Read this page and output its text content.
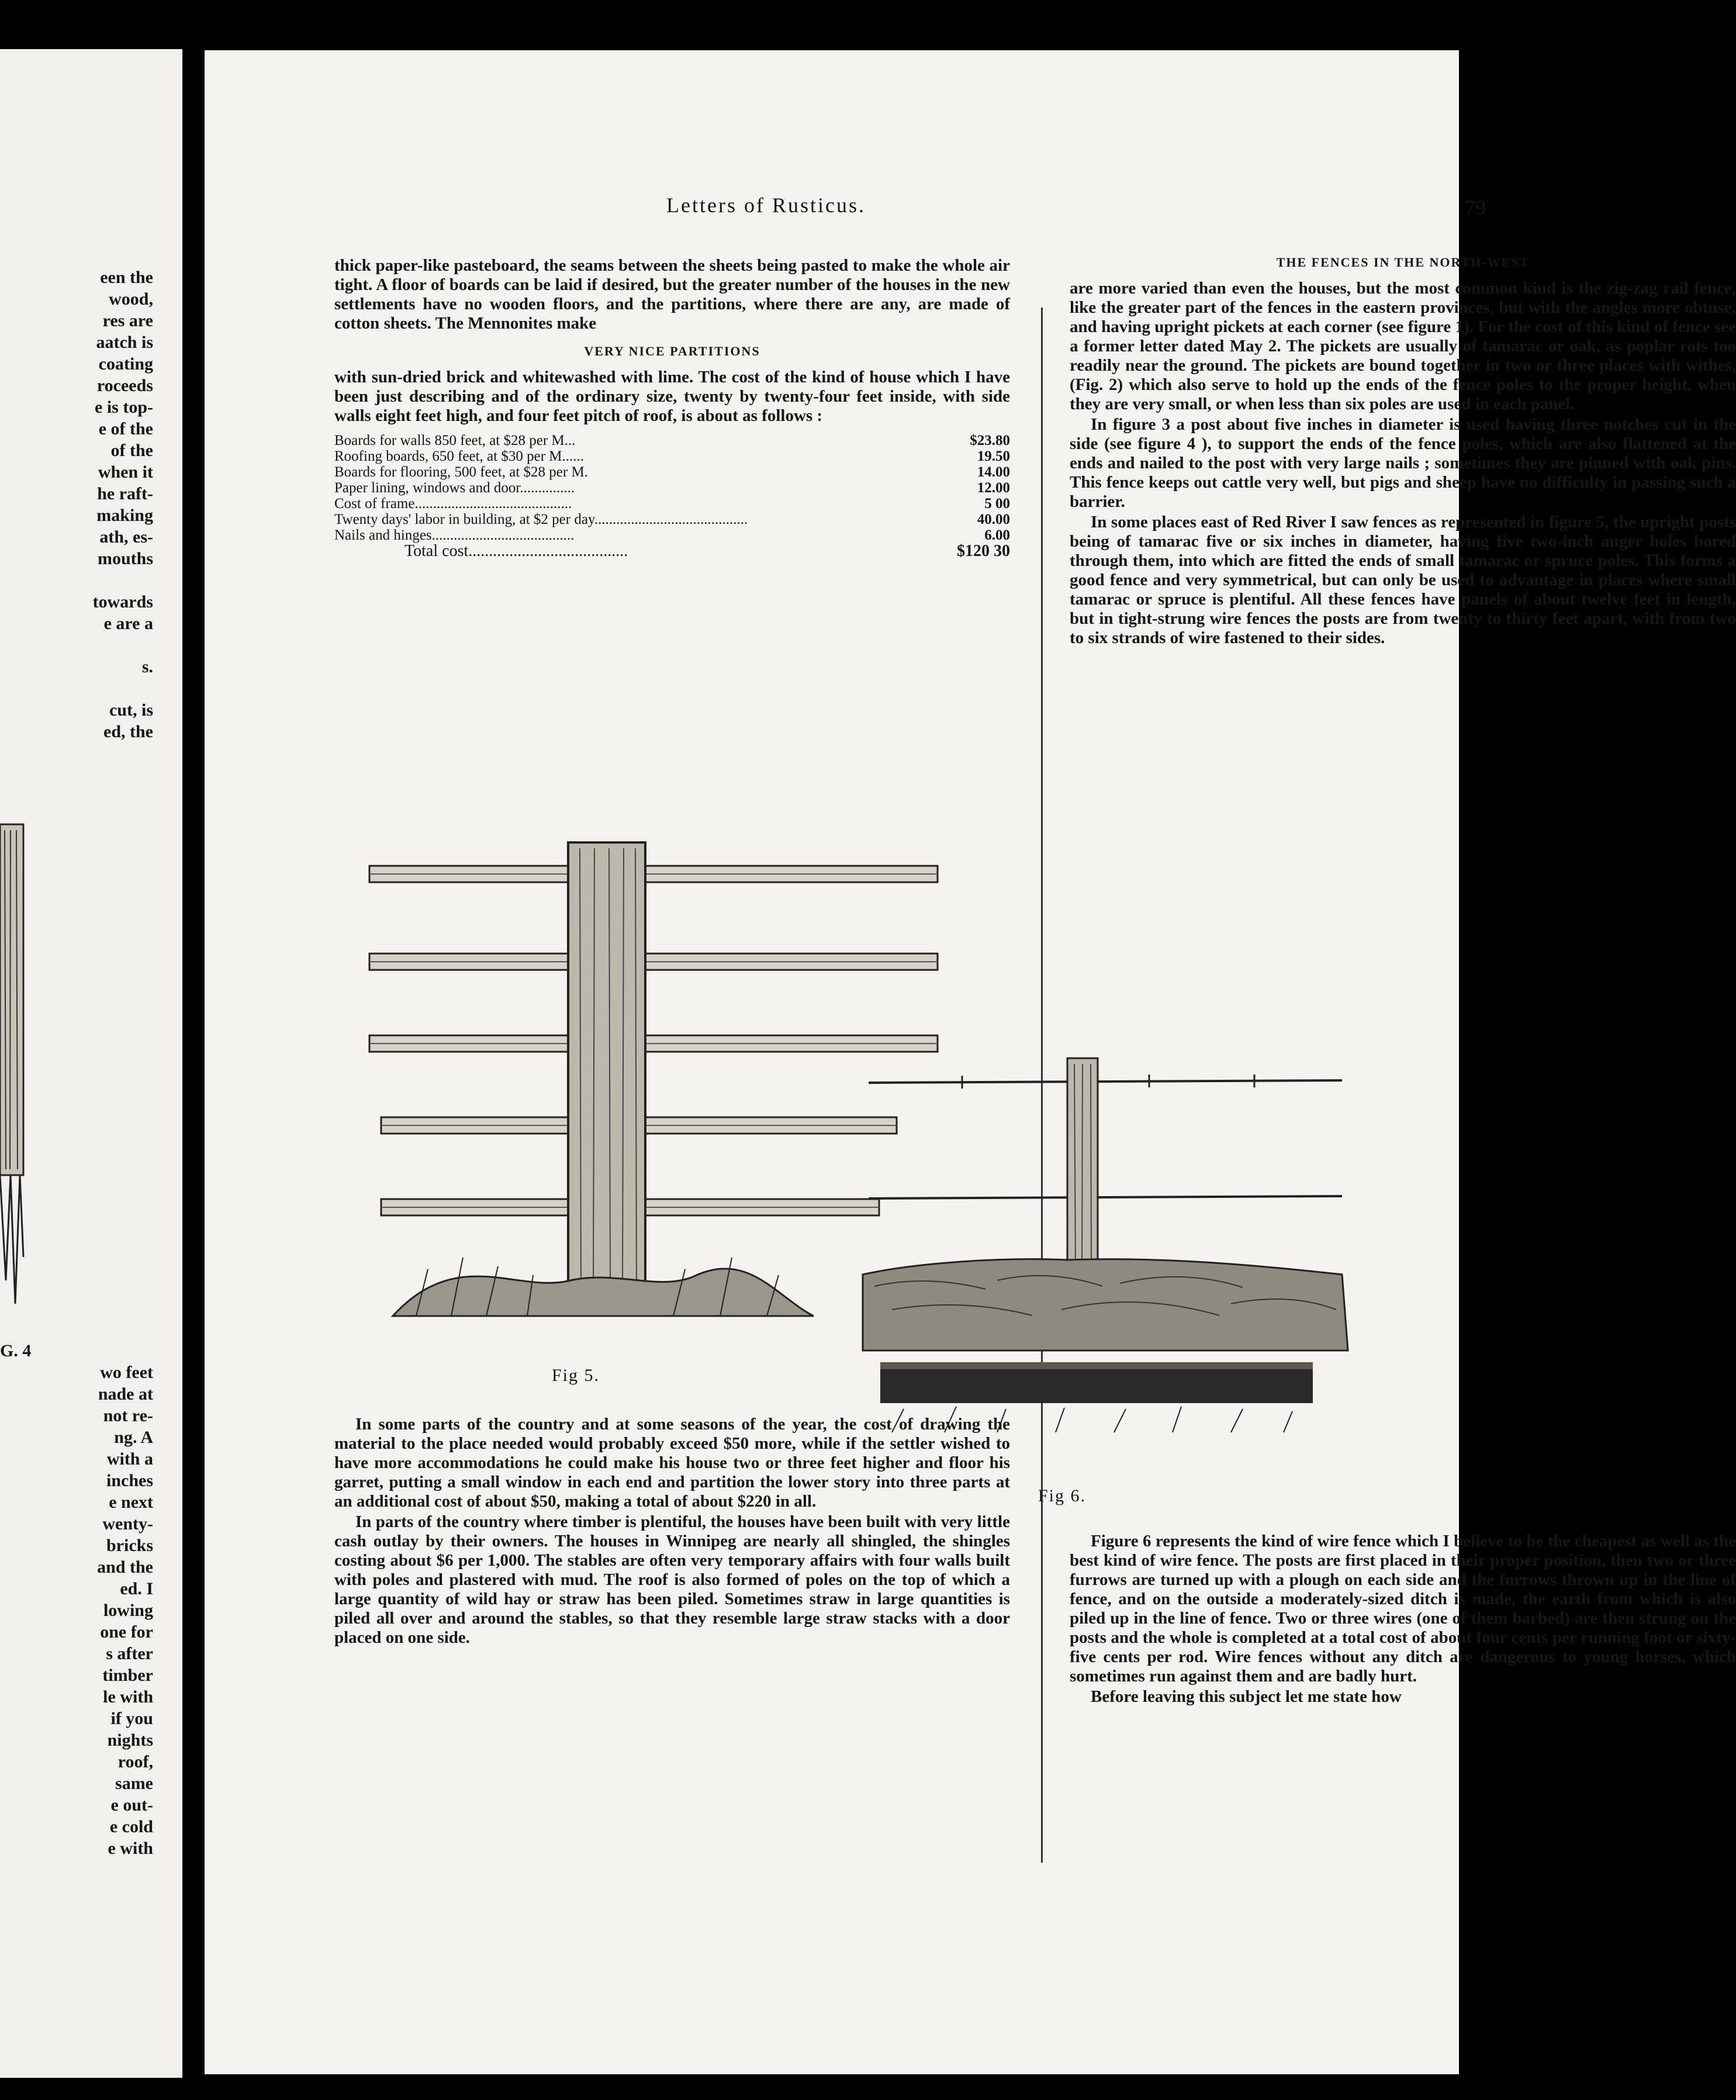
een the
wood,
res are
aatch is
coating
roceeds
e is top-
e of the
of the
when it
he raft-
making
ath, es-
mouths
towards
e are a
s.
cut, is
ed, the
G. 4
wo feet
nade at
not re-
ng. A
with a
inches
e next
wenty-
bricks
and the
ed. I
lowing
one for
s after
timber
le with
if you
nights
roof,
same
e out-
e cold
e with
Letters of Rusticus.	79

thick paper-like pasteboard, the seams between the sheets being pasted to make the whole air tight. A floor of boards can be laid if desired, but the greater number of the houses in the new settlements have no wooden floors, and the partitions, where there are any, are made of cotton sheets. The Mennonites make

VERY NICE PARTITIONS

with sun-dried brick and whitewashed with lime. The cost of the kind of house which I have been just describing and of the ordinary size, twenty by twenty-four feet inside, with side walls eight feet high, and four feet pitch of roof, is about as follows :

Boards for walls 850 feet, at $28 per M...	$23.80
Roofing boards, 650 feet, at $30 per M......	19.50
Boards for flooring, 500 feet, at $28 per M.	14.00
Paper lining, windows and door...............	12.00
Cost of frame...........................................	5 00
Twenty days' labor in building, at $2 per day..........................................	40.00
Nails and hinges.......................................	6.00
Total cost.......................................	$120 30
Fig 5.

In some parts of the country and at some seasons of the year, the cost of drawing the material to the place needed would probably exceed $50 more, while if the settler wished to have more accommodations he could make his house two or three feet higher and floor his garret, putting a small window in each end and partition the lower story into three parts at an additional cost of about $50, making a total of about $220 in all.

In parts of the country where timber is plentiful, the houses have been built with very little cash outlay by their owners. The houses in Winnipeg are nearly all shingled, the shingles costing about $6 per 1,000. The stables are often very temporary affairs with four walls built with poles and plastered with mud. The roof is also formed of poles on the top of which a large quantity of wild hay or straw has been piled. Sometimes straw in large quantities is piled all over and around the stables, so that they resemble large straw stacks with a door placed on one side.

THE FENCES IN THE NORTH-WEST

are more varied than even the houses, but the most common kind is the zig-zag rail fence, like the greater part of the fences in the eastern provinces, but with the angles more obtuse, and having upright pickets at each corner (see figure 1). For the cost of this kind of fence see a former letter dated May 2. The pickets are usually of tamarac or oak, as poplar rots too readily near the ground. The pickets are bound together in two or three places with withes, (Fig. 2) which also serve to hold up the ends of the fence poles to the proper height, when they are very small, or when less than six poles are used in each panel.

In figure 3 a post about five inches in diameter is used having three notches cut in the side (see figure 4 ), to support the ends of the fence poles, which are also flattened at the ends and nailed to the post with very large nails ; sometimes they are pinned with oak pins. This fence keeps out cattle very well, but pigs and sheep have no difficulty in passing such a barrier.

In some places east of Red River I saw fences as represented in figure 5, the upright posts being of tamarac five or six inches in diameter, having five two-inch auger holes bored through them, into which are fitted the ends of small tamarac or spruce poles. This forms a good fence and very symmetrical, but can only be used to advantage in places where small tamarac or spruce is plentiful. All these fences have panels of about twelve feet in length, but in tight-strung wire fences the posts are from twenty to thirty feet apart, with from two to six strands of wire fastened to their sides.

Fig 6.

Figure 6 represents the kind of wire fence which I believe to be the cheapest as well as the best kind of wire fence. The posts are first placed in their proper position, then two or three furrows are turned up with a plough on each side and the furrows thrown up in the line of fence, and on the outside a moderately-sized ditch is made, the earth from which is also piled up in the line of fence. Two or three wires (one of them barbed) are then strung on the posts and the whole is completed at a total cost of about four cents per running foot or sixty-five cents per rod. Wire fences without any ditch are dangerous to young horses, which sometimes run against them and are badly hurt.

Before leaving this subject let me state how
